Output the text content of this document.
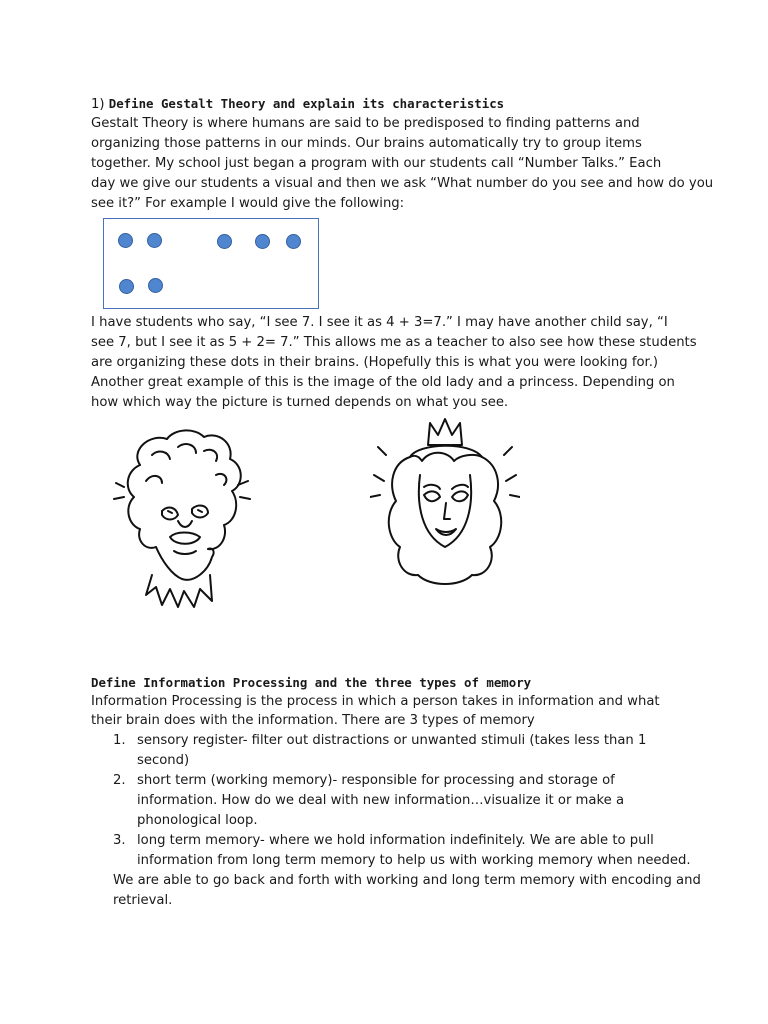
1) Define Gestalt Theory and explain its characteristics
Gestalt Theory is where humans are said to be predisposed to finding patterns and
organizing those patterns in our minds. Our brains automatically try to group items
together. My school just began a program with our students call “Number Talks.” Each
day we give our students a visual and then we ask “What number do you see and how do you
see it?” For example I would give the following:
I have students who say, “I see 7. I see it as 4 + 3=7.” I may have another child say, “I
see 7, but I see it as 5 + 2= 7.” This allows me as a teacher to also see how these students
are organizing these dots in their brains. (Hopefully this is what you were looking for.)
Another great example of this is the image of the old lady and a princess. Depending on
how which way the picture is turned depends on what you see.
Define Information Processing and the three types of memory
Information Processing is the process in which a person takes in information and what
their brain does with the information. There are 3 types of memory
1. sensory register- filter out distractions or unwanted stimuli (takes less than 1
second)
2. short term (working memory)- responsible for processing and storage of
information. How do we deal with new information…visualize it or make a
phonological loop.
3. long term memory- where we hold information indefinitely. We are able to pull
information from long term memory to help us with working memory when needed.
We are able to go back and forth with working and long term memory with encoding and
retrieval.
